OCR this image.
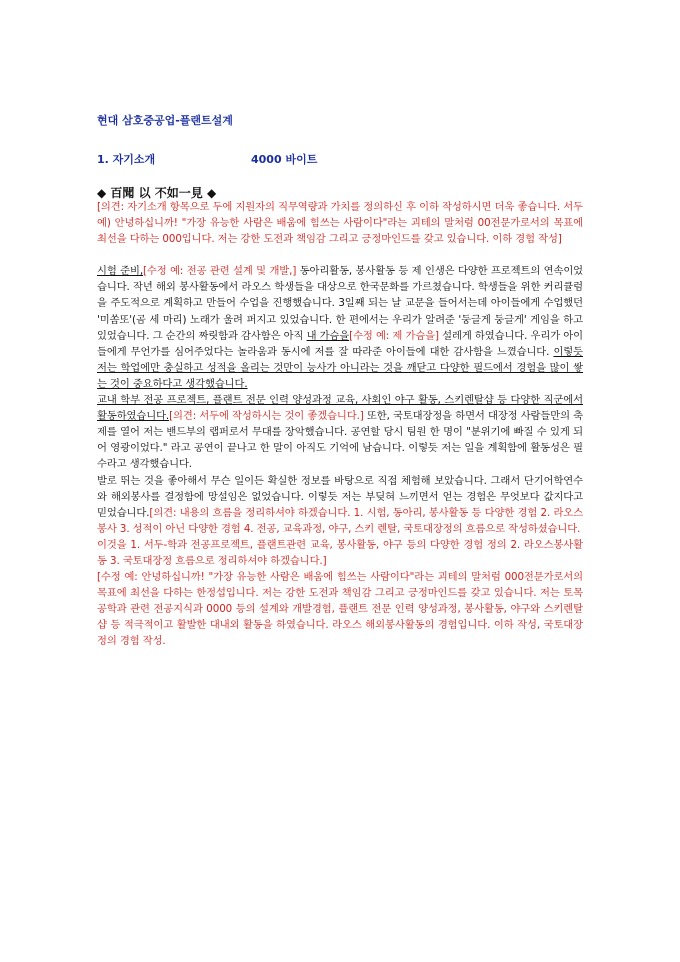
현대 삼호중공업-플랜트설계
1. 자기소개	4000 바이트
◆ 百聞 以 不如一見 ◆

[의견: 자기소개 항목으로 두에 지원자의 직무역량과 가치를 정의하신 후 이하 작성하시면 더욱 좋습니다. 서두 예) 안녕하십니까! "가장 유능한 사람은 배움에 힘쓰는 사람이다"라는 괴테의 말처럼 00전문가로서의 목표에 최선을 다하는 000입니다. 저는 강한 도전과 책임감 그리고 긍정마인드를 갖고 있습니다. 이하 경험 작성]

시험 준비,[수정 예: 전공 관련 설계 및 개발,] 동아리활동, 봉사활동 등 제 인생은 다양한 프로젝트의 연속이었습니다. 작년 해외 봉사활동에서 라오스 학생들을 대상으로 한국문화를 가르쳤습니다. 학생들을 위한 커리큘럼을 주도적으로 계획하고 만들어 수업을 진행했습니다. 3일째 되는 날 교문을 들어서는데 아이들에게 수업했던 '미쏨또'(곰 세 마리) 노래가 울려 퍼지고 있었습니다. 한 편에서는 우리가 알려준 '둥글게 둥글게' 게임을 하고 있었습니다. 그 순간의 짜릿함과 감사함은 아직 내 가슴을[수정 예: 제 가슴을] 설레게 하였습니다. 우리가 아이들에게 무언가를 심어주었다는 놀라움과 동시에 저를 잘 따라준 아이들에 대한 감사함을 느꼈습니다. 이렇듯 저는 학업에만 충실하고 성적을 올리는 것만이 능사가 아니라는 것을 깨닫고 다양한 필드에서 경험을 많이 쌓는 것이 중요하다고 생각했습니다.

교내 학부 전공 프로젝트, 플랜트 전문 인력 양성과정 교육, 사회인 야구 활동, 스키렌탈샵 등 다양한 직군에서 활동하였습니다.[의견: 서두에 작성하시는 것이 좋겠습니다.] 또한, 국토대장정을 하면서 대장정 사람들만의 축제를 열어 저는 밴드부의 랩퍼로서 무대를 장악했습니다. 공연할 당시 팀원 한 명이 "분위기에 빠질 수 있게 되어 영광이었다." 라고 공연이 끝나고 한 말이 아직도 기억에 남습니다. 이렇듯 저는 일을 계획함에 활동성은 필수라고 생각했습니다.

발로 뛰는 것을 좋아해서 무슨 일이든 확실한 정보를 바탕으로 직접 체험해 보았습니다. 그래서 단기어학연수와 해외봉사를 결정함에 망설임은 없었습니다. 이렇듯 저는 부딪혀 느끼면서 얻는 경험은 무엇보다 값지다고 믿었습니다.[의견: 내용의 흐름을 정리하셔야 하겠습니다. 1. 시험, 동아리, 봉사활동 등 다양한 경험 2. 라오스 봉사 3. 성적이 아닌 다양한 경험 4. 전공, 교육과정, 야구, 스키 렌탈, 국토대장정의 흐름으로 작성하셨습니다.

이것을 1. 서두-학과 전공프로젝트, 플랜트관련 교육, 봉사활동, 야구 등의 다양한 경험 정의 2. 라오스봉사활동 3. 국토대장정 흐름으로 정리하셔야 하겠습니다.]

[수정 예: 안녕하십니까! "가장 유능한 사람은 배움에 힘쓰는 사람이다"라는 괴테의 말처럼 000전문가로서의 목표에 최선을 다하는 한정섭입니다. 저는 강한 도전과 책임감 그리고 긍정마인드를 갖고 있습니다. 저는 토목공학과 관련 전공지식과 0000 등의 설계와 개발경험, 플랜트 전문 인력 양성과정, 봉사활동, 야구와 스키렌탈 샵 등 적극적이고 활발한 대내외 활동을 하였습니다. 라오스 해외봉사활동의 경험입니다. 이하 작성, 국토대장정의 경험 작성.
